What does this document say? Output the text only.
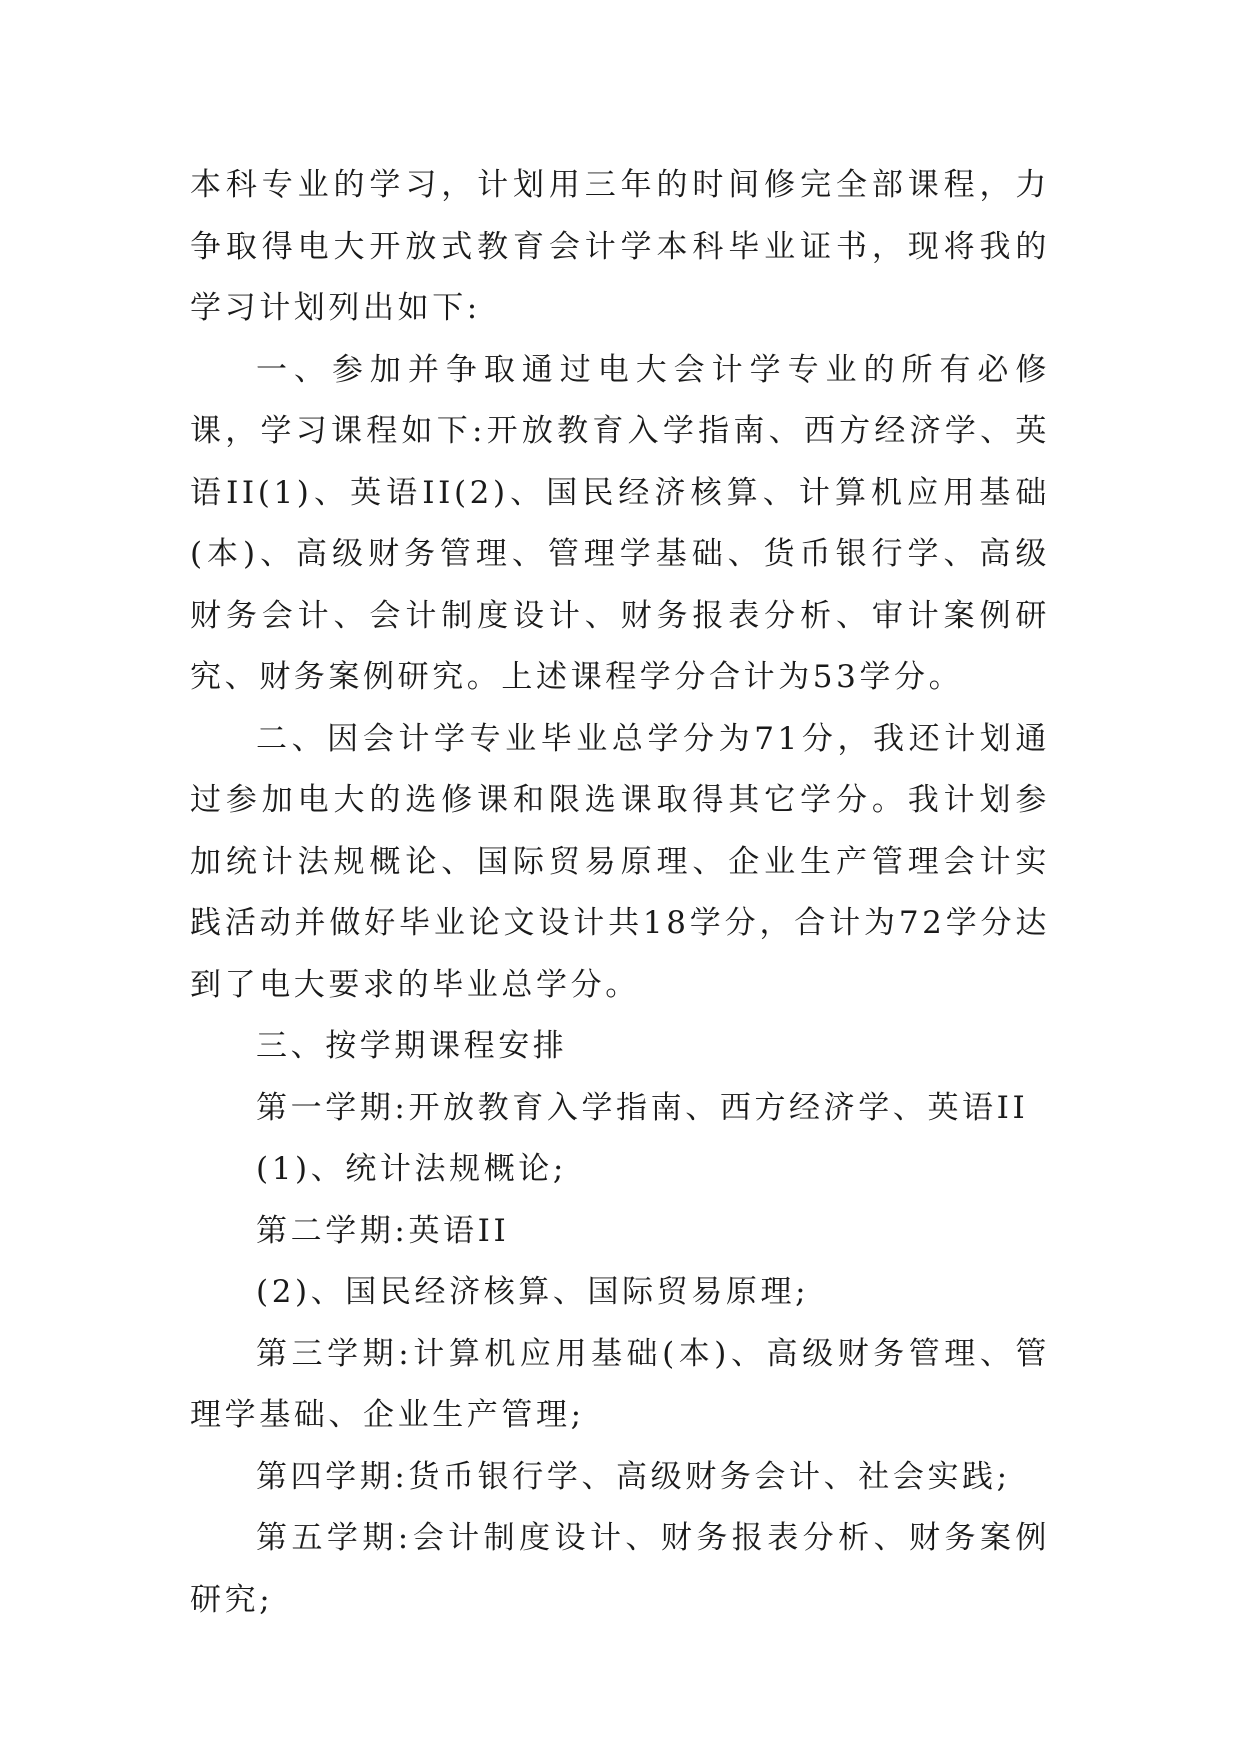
本科专业的学习，计划用三年的时间修完全部课程，力争取得电大开放式教育会计学本科毕业证书，现将我的学习计划列出如下:

一、参加并争取通过电大会计学专业的所有必修课，学习课程如下:开放教育入学指南、西方经济学、英语II(1)、英语II(2)、国民经济核算、计算机应用基础(本)、高级财务管理、管理学基础、货币银行学、高级财务会计、会计制度设计、财务报表分析、审计案例研究、财务案例研究。上述课程学分合计为53学分。

二、因会计学专业毕业总学分为71分，我还计划通过参加电大的选修课和限选课取得其它学分。我计划参加统计法规概论、国际贸易原理、企业生产管理会计实践活动并做好毕业论文设计共18学分，合计为72学分达到了电大要求的毕业总学分。

三、按学期课程安排

第一学期:开放教育入学指南、西方经济学、英语II

(1)、统计法规概论;

第二学期:英语II

(2)、国民经济核算、国际贸易原理;

第三学期:计算机应用基础(本)、高级财务管理、管理学基础、企业生产管理;

第四学期:货币银行学、高级财务会计、社会实践;

第五学期:会计制度设计、财务报表分析、财务案例研究;
